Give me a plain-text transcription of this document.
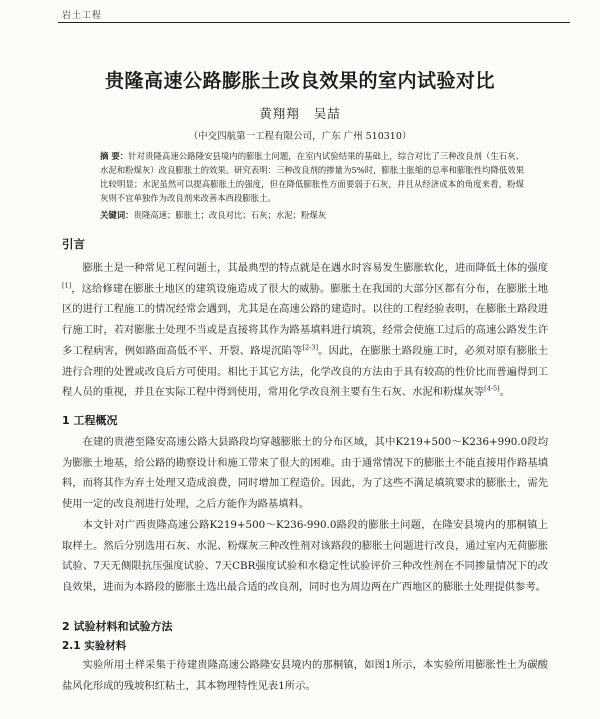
岩土工程
贵隆高速公路膨胀土改良效果的室内试验对比
黄翔翔 吴喆
（中交四航第一工程有限公司，广东 广州 510310）
摘 要：针对贵隆高速公路隆安县境内的膨胀土问题，在室内试验结果的基础上，综合对比了三种改良剂（生石灰、水泥和粉煤灰）改良膨胀土的效果。研究表明：三种改良剂的掺量为5%时，膨胀土胀缩的总率和膨胀性均降低效果比较明显；水泥虽然可以提高膨胀土的强度，但在降低膨胀性方面要弱于石灰，并且从经济成本的角度来看，粉煤灰则不宜单独作为改良剂来改善本西段膨胀土。
关键词：贵隆高速；膨胀土；改良对比；石灰；水泥；粉煤灰
引言
膨胀土是一种常见工程问题土，其最典型的特点就是在遇水时容易发生膨胀软化，进而降低土体的强度[1]，这给修建在膨胀土地区的建筑设施造成了很大的威胁。膨胀土在我国的大部分区都有分布，在膨胀土地区的进行工程施工的情况经常会遇到，尤其是在高速公路的建造时。以往的工程经验表明，在膨胀土路段进行施工时，若对膨胀土处理不当或是直接将其作为路基填料进行填筑，经常会使施工过后的高速公路发生许多工程病害，例如路面高低不平、开裂、路堤沉陷等[2-3]。因此，在膨胀土路段施工时，必须对原有膨胀土进行合理的处置或改良后方可使用。相比于其它方法，化学改良的方法由于具有较高的性价比而普遍得到工程人员的重视，并且在实际工程中得到使用，常用化学改良剂主要有生石灰、水泥和粉煤灰等[4-5]。
1 工程概况
在建的贵港至隆安高速公路大县路段均穿越膨胀土的分布区域，其中K219+500～K236+990.0段均为膨胀土地基，给公路的勘察设计和施工带来了很大的困难。由于通常情况下的膨胀土不能直接用作路基填料，而将其作为弃土处理又造成浪费，同时增加工程造价。因此，为了这些不满足填筑要求的膨胀土，需先使用一定的改良剂进行处理，之后方能作为路基填料。
本文针对广西贵隆高速公路K219+500～K236-990.0路段的膨胀土问题，在隆安县境内的那桐镇上取样土。然后分别选用石灰、水泥、粉煤灰三种改性剂对该路段的膨胀土问题进行改良，通过室内无荷膨胀试验、7天无侧限抗压强度试验、7天CBR强度试验和水稳定性试验评价三种改性剂在不同掺量情况下的改良效果，进而为本路段的膨胀土选出最合适的改良剂，同时也为周边两在广西地区的膨胀土处理提供参考。
2 试验材料和试验方法
2.1 实验材料
实验所用土样采集于待建贵隆高速公路隆安县境内的那桐镇，如图1所示，本实验所用膨胀性土为碳酸盐风化形成的残坡积红粘土，其本物理特性见表1所示。
